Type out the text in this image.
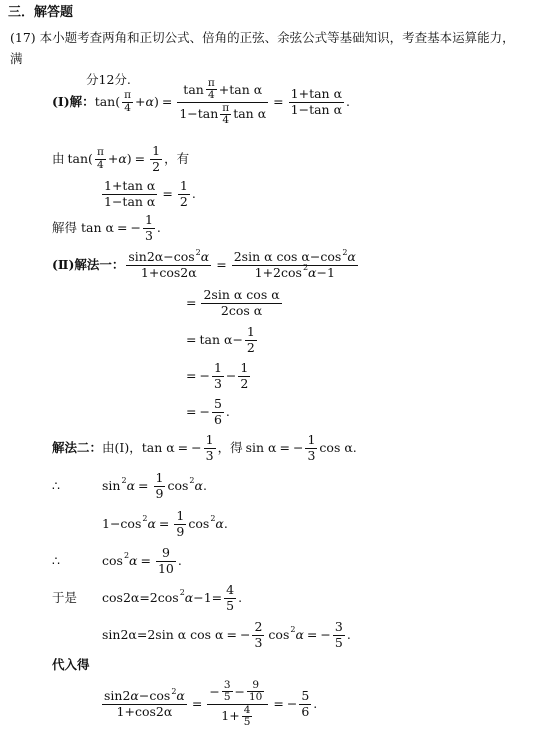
三．解答题
(17) 本小题考查两角和正切公式、倍角的正弦、余弦公式等基础知识，考查基本运算能力，满
分12分.
(Ⅰ)解： tan ( $\frac{\pi}{4} + \alpha$ ) =
$\tan \frac{\pi}{4} + \tan \alpha$
$1 - \tan \frac{\pi}{4}$ tan α
= $\frac{\text{1+tan α}}{\text{1−tan α}}$ .
由 tan ( $\frac{\pi}{4} + \alpha$ ) = $\frac{1}{2}$ ， 有
$\frac{\text{1+tan α}}{\text{1−tan α}} = \frac{1}{2}$ .
解得 tan α = − $\frac{1}{3}$ .
(Ⅱ)解法一： $\frac{\sin 2\alpha - \cos 2 \alpha}{1 + \cos 2\alpha} = \frac{\text{2sin α cos α − cos 2 α}}{1+2\cos 2 \alpha -1}$
= $\frac{\text{2sin α cos α}}{\text{2cos α}}$
= $\tan \alpha - \frac{1}{2}$
= − $\frac{1}{3} - \frac{1}{2}$
= − $\frac{5}{6}$ .
解法二： 由(Ⅰ)， tan α = − $\frac{1}{3}$ ，得 sin α = − $\frac{1}{3}$ cos α .
∴	sin 2 $\alpha = \frac{1}{9}$ cos 2 α .
1−cos 2 $\alpha = \frac{1}{9}$ cos 2 α .
∴	cos 2 $\alpha = \frac{9}{10}$ .
于是	cos2α=2cos 2 $\alpha -1= \frac{4}{5}$ .
sin2α=2sin α cos α = − $\frac{2}{3}$ cos 2 α = − $\frac{3}{5}$ .
代入得
$\frac{\sin 2 \alpha - \cos 2 \alpha}{1+ \cos 2\alpha}$ =
− $\frac{3}{5} - \frac{9}{10}$
$1+ \frac{4}{5}$
= − $\frac{5}{6}$ .
